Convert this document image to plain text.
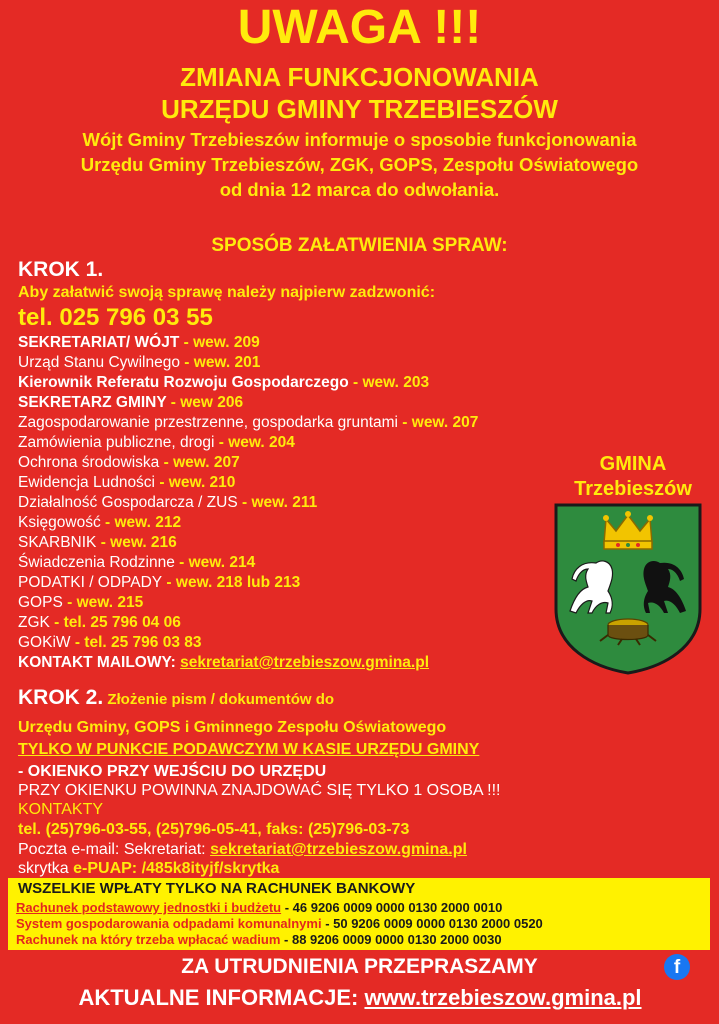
UWAGA !!!
ZMIANA FUNKCJONOWANIA
URZĘDU GMINY TRZEBIESZÓW
Wójt Gminy Trzebieszów informuje o sposobie funkcjonowania
Urzędu Gminy Trzebieszów, ZGK, GOPS, Zespołu Oświatowego
od dnia 12 marca do odwołania.
SPOSÓB ZAŁATWIENIA SPRAW:
KROK 1.
Aby załatwić swoją sprawę należy najpierw zadzwonić:
tel. 025 796 03 55
SEKRETARIAT/ WÓJT - wew. 209
Urząd Stanu Cywilnego - wew. 201
Kierownik Referatu Rozwoju Gospodarczego - wew. 203
SEKRETARZ GMINY - wew 206
Zagospodarowanie przestrzenne, gospodarka gruntami - wew. 207
Zamówienia publiczne, drogi - wew. 204
Ochrona środowiska - wew. 207
Ewidencja Ludności - wew. 210
Działalność Gospodarcza / ZUS - wew. 211
Księgowość - wew. 212
SKARBNIK - wew. 216
Świadczenia Rodzinne - wew. 214
PODATKI / ODPADY - wew. 218 lub 213
GOPS - wew. 215
ZGK - tel. 25 796 04 06
GOKiW - tel. 25 796 03 83
KONTAKT MAILOWY: sekretariat@trzebieszow.gmina.pl
GMINA
Trzebieszów
KROK 2. Złożenie pism / dokumentów do
Urzędu Gminy, GOPS i Gminnego Zespołu Oświatowego
TYLKO W PUNKCIE PODAWCZYM W KASIE URZĘDU GMINY
- OKIENKO PRZY WEJŚCIU DO URZĘDU
PRZY OKIENKU POWINNA ZNAJDOWAĆ SIĘ TYLKO 1 OSOBA !!!
KONTAKTY
tel. (25)796-03-55, (25)796-05-41, faks: (25)796-03-73
Poczta e-mail: Sekretariat: sekretariat@trzebieszow.gmina.pl
skrytka e-PUAP: /485k8ityjf/skrytka
WSZELKIE WPŁATY TYLKO NA RACHUNEK BANKOWY
Rachunek podstawowy jednostki i budżetu - 46 9206 0009 0000 0130 2000 0010
System gospodarowania odpadami komunalnymi - 50 9206 0009 0000 0130 2000 0520
Rachunek na który trzeba wpłacać wadium - 88 9206 0009 0000 0130 2000 0030
ZA UTRUDNIENIA PRZEPRASZAMY
AKTUALNE INFORMACJE: www.trzebieszow.gmina.pl
f
